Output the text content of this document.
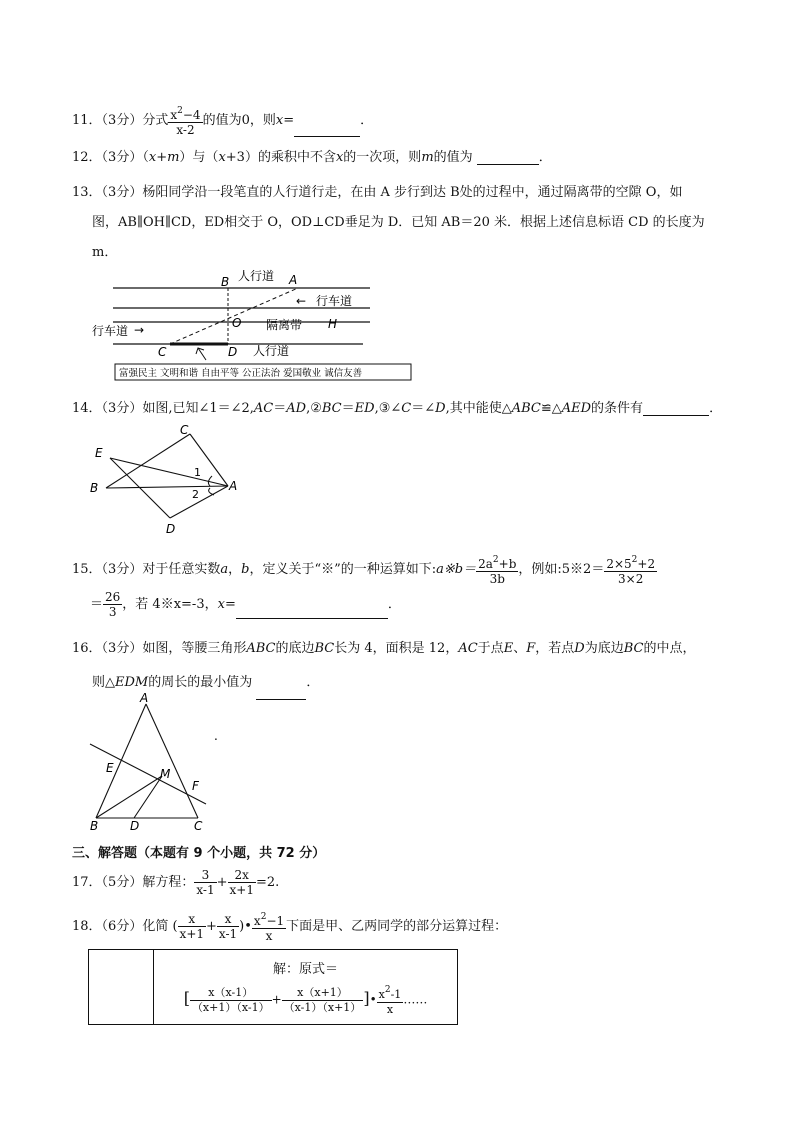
11．（3分）分式 $\frac{x^2-4}{x-2}$ 的值为0，则x=	．
12．（3分）（x+m）与（x+3）的乘积中不含x的一次项，则m的值为	．
13．（3分）杨阳同学沿一段笔直的人行道行走，在由 A 步行到达 B处的过程中，通过隔离带的空隙 O，如
图，AB∥OH∥CD，ED相交于 O，OD⊥CD垂足为 D．已知 AB＝20 米．根据上述信息标语 CD 的长度为
m．
B 人行道 A
← 行车道
O 隔离带 H
行车道 →
C	D 人行道
富强民主 文明和谐 自由平等 公正法治 爱国敬业 诚信友善
14．（3分）如图,已知∠1＝∠2,AC＝AD,②BC＝ED,③∠C＝∠D,其中能使△ABC≌△AED的条件有	．
C
E
B	A
D
1
2
15．（3分）对于任意实数a，b，定义关于“※”的一种运算如下:a※b＝ $\frac{2a^2+b}{3b}$ ，例如:5※2＝ $\frac{2\times 5^2+2}{3\times 2}$
＝ $\frac{26}{3}$ ，若 4※x=-3，x=	．
16．（3分）如图，等腰三角形ABC的底边BC长为 4，面积是 12，AC于点E、F，若点D为底边BC的中点，
则△EDM的周长的最小值为	．
A
E	M
F
B	D	C
.
三、解答题（本题有 9 个小题，共 72 分）
17．（5分）解方程： $\frac{3}{x-1} + \frac{2x}{x+1} =2$.
18．（6分）化简 ( $\frac{x}{x+1} + \frac{x}{x-1}$ )• $\frac{x^2-1}{x}$ 下面是甲、乙两同学的部分运算过程：

解：原式＝
[ $\frac{x(x-1)}{(x+1)(x-1)} + \frac{x(x+1)}{(x-1)(x+1)}$ ]• $\frac{x^2-1}{x}$ ……
